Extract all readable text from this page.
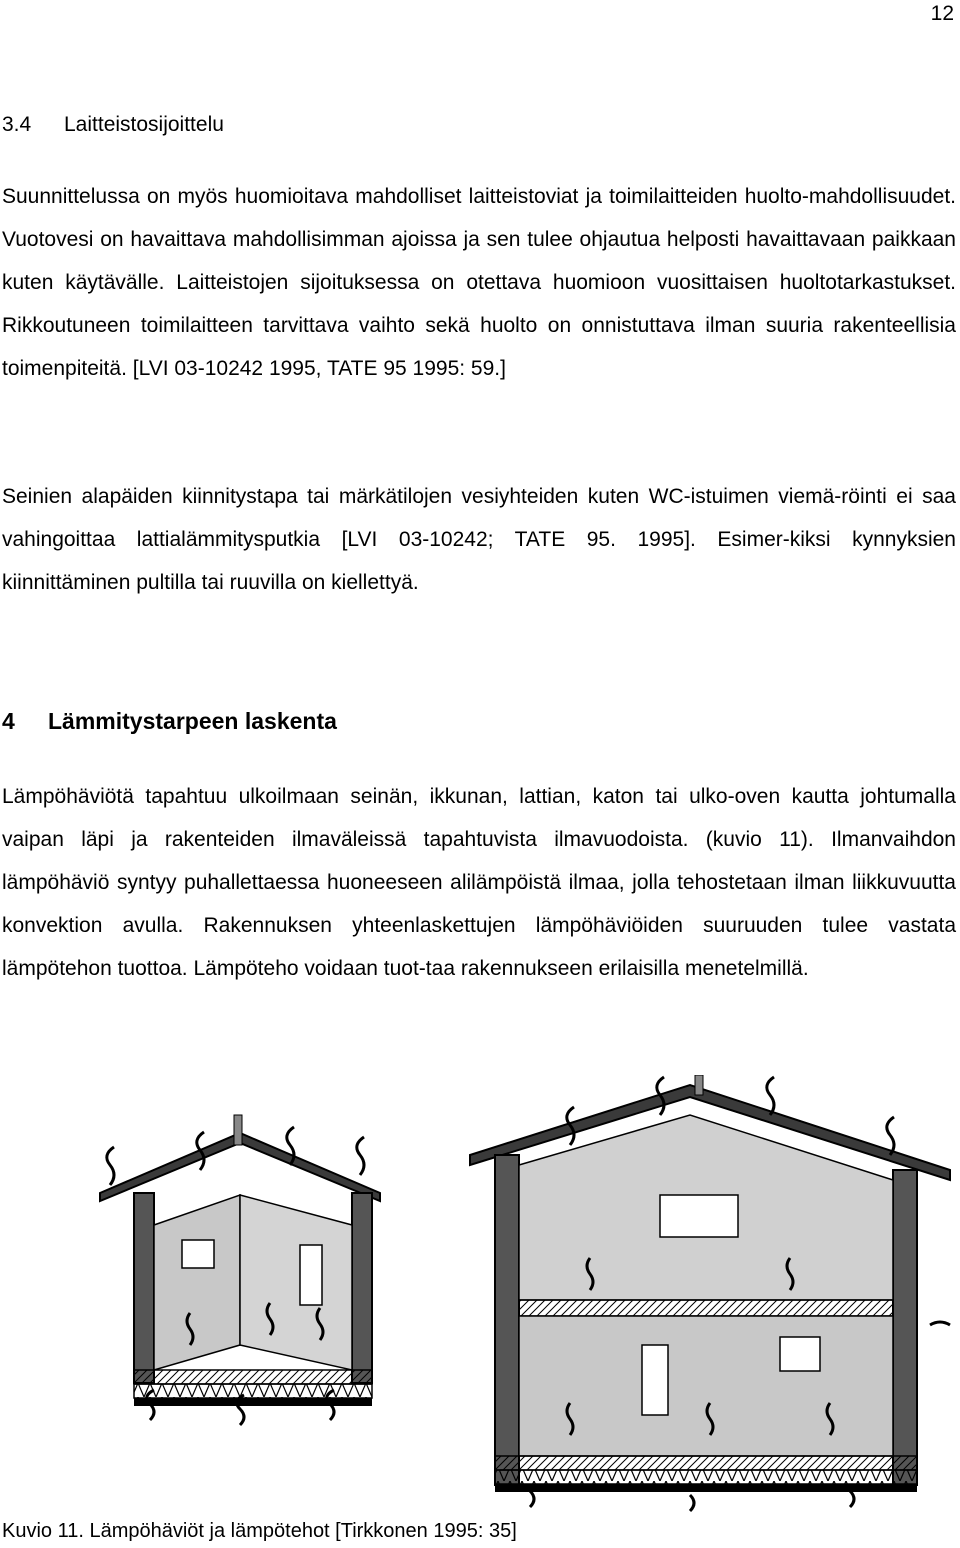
12
3.4 Laitteistosijoittelu

Suunnittelussa on myös huomioitava mahdolliset laitteistoviat ja toimilaitteiden huolto-mahdollisuudet. Vuotovesi on havaittava mahdollisimman ajoissa ja sen tulee ohjautua helposti havaittavaan paikkaan kuten käytävälle. Laitteistojen sijoituksessa on otettava huomioon vuosittaisen huoltotarkastukset. Rikkoutuneen toimilaitteen tarvittava vaihto sekä huolto on onnistuttava ilman suuria rakenteellisia toimenpiteitä. [LVI 03-10242 1995, TATE 95 1995: 59.]

Seinien alapäiden kiinnitystapa tai märkätilojen vesiyhteiden kuten WC-istuimen viemä-röinti ei saa vahingoittaa lattialämmitysputkia [LVI 03-10242; TATE 95. 1995]. Esimer-kiksi kynnyksien kiinnittäminen pultilla tai ruuvilla on kiellettyä.

4 Lämmitystarpeen laskenta

Lämpöhäviötä tapahtuu ulkoilmaan seinän, ikkunan, lattian, katon tai ulko-oven kautta johtumalla vaipan läpi ja rakenteiden ilmaväleissä tapahtuvista ilmavuodoista. (kuvio 11). Ilmanvaihdon lämpöhäviö syntyy puhallettaessa huoneeseen alilämpöistä ilmaa, jolla tehostetaan ilman liikkuvuutta konvektion avulla. Rakennuksen yhteenlaskettujen lämpöhäviöiden suuruuden tulee vastata lämpötehon tuottoa. Lämpöteho voidaan tuot-taa rakennukseen erilaisilla menetelmillä.

Kuvio 11. Lämpöhäviöt ja lämpötehot [Tirkkonen 1995: 35]
